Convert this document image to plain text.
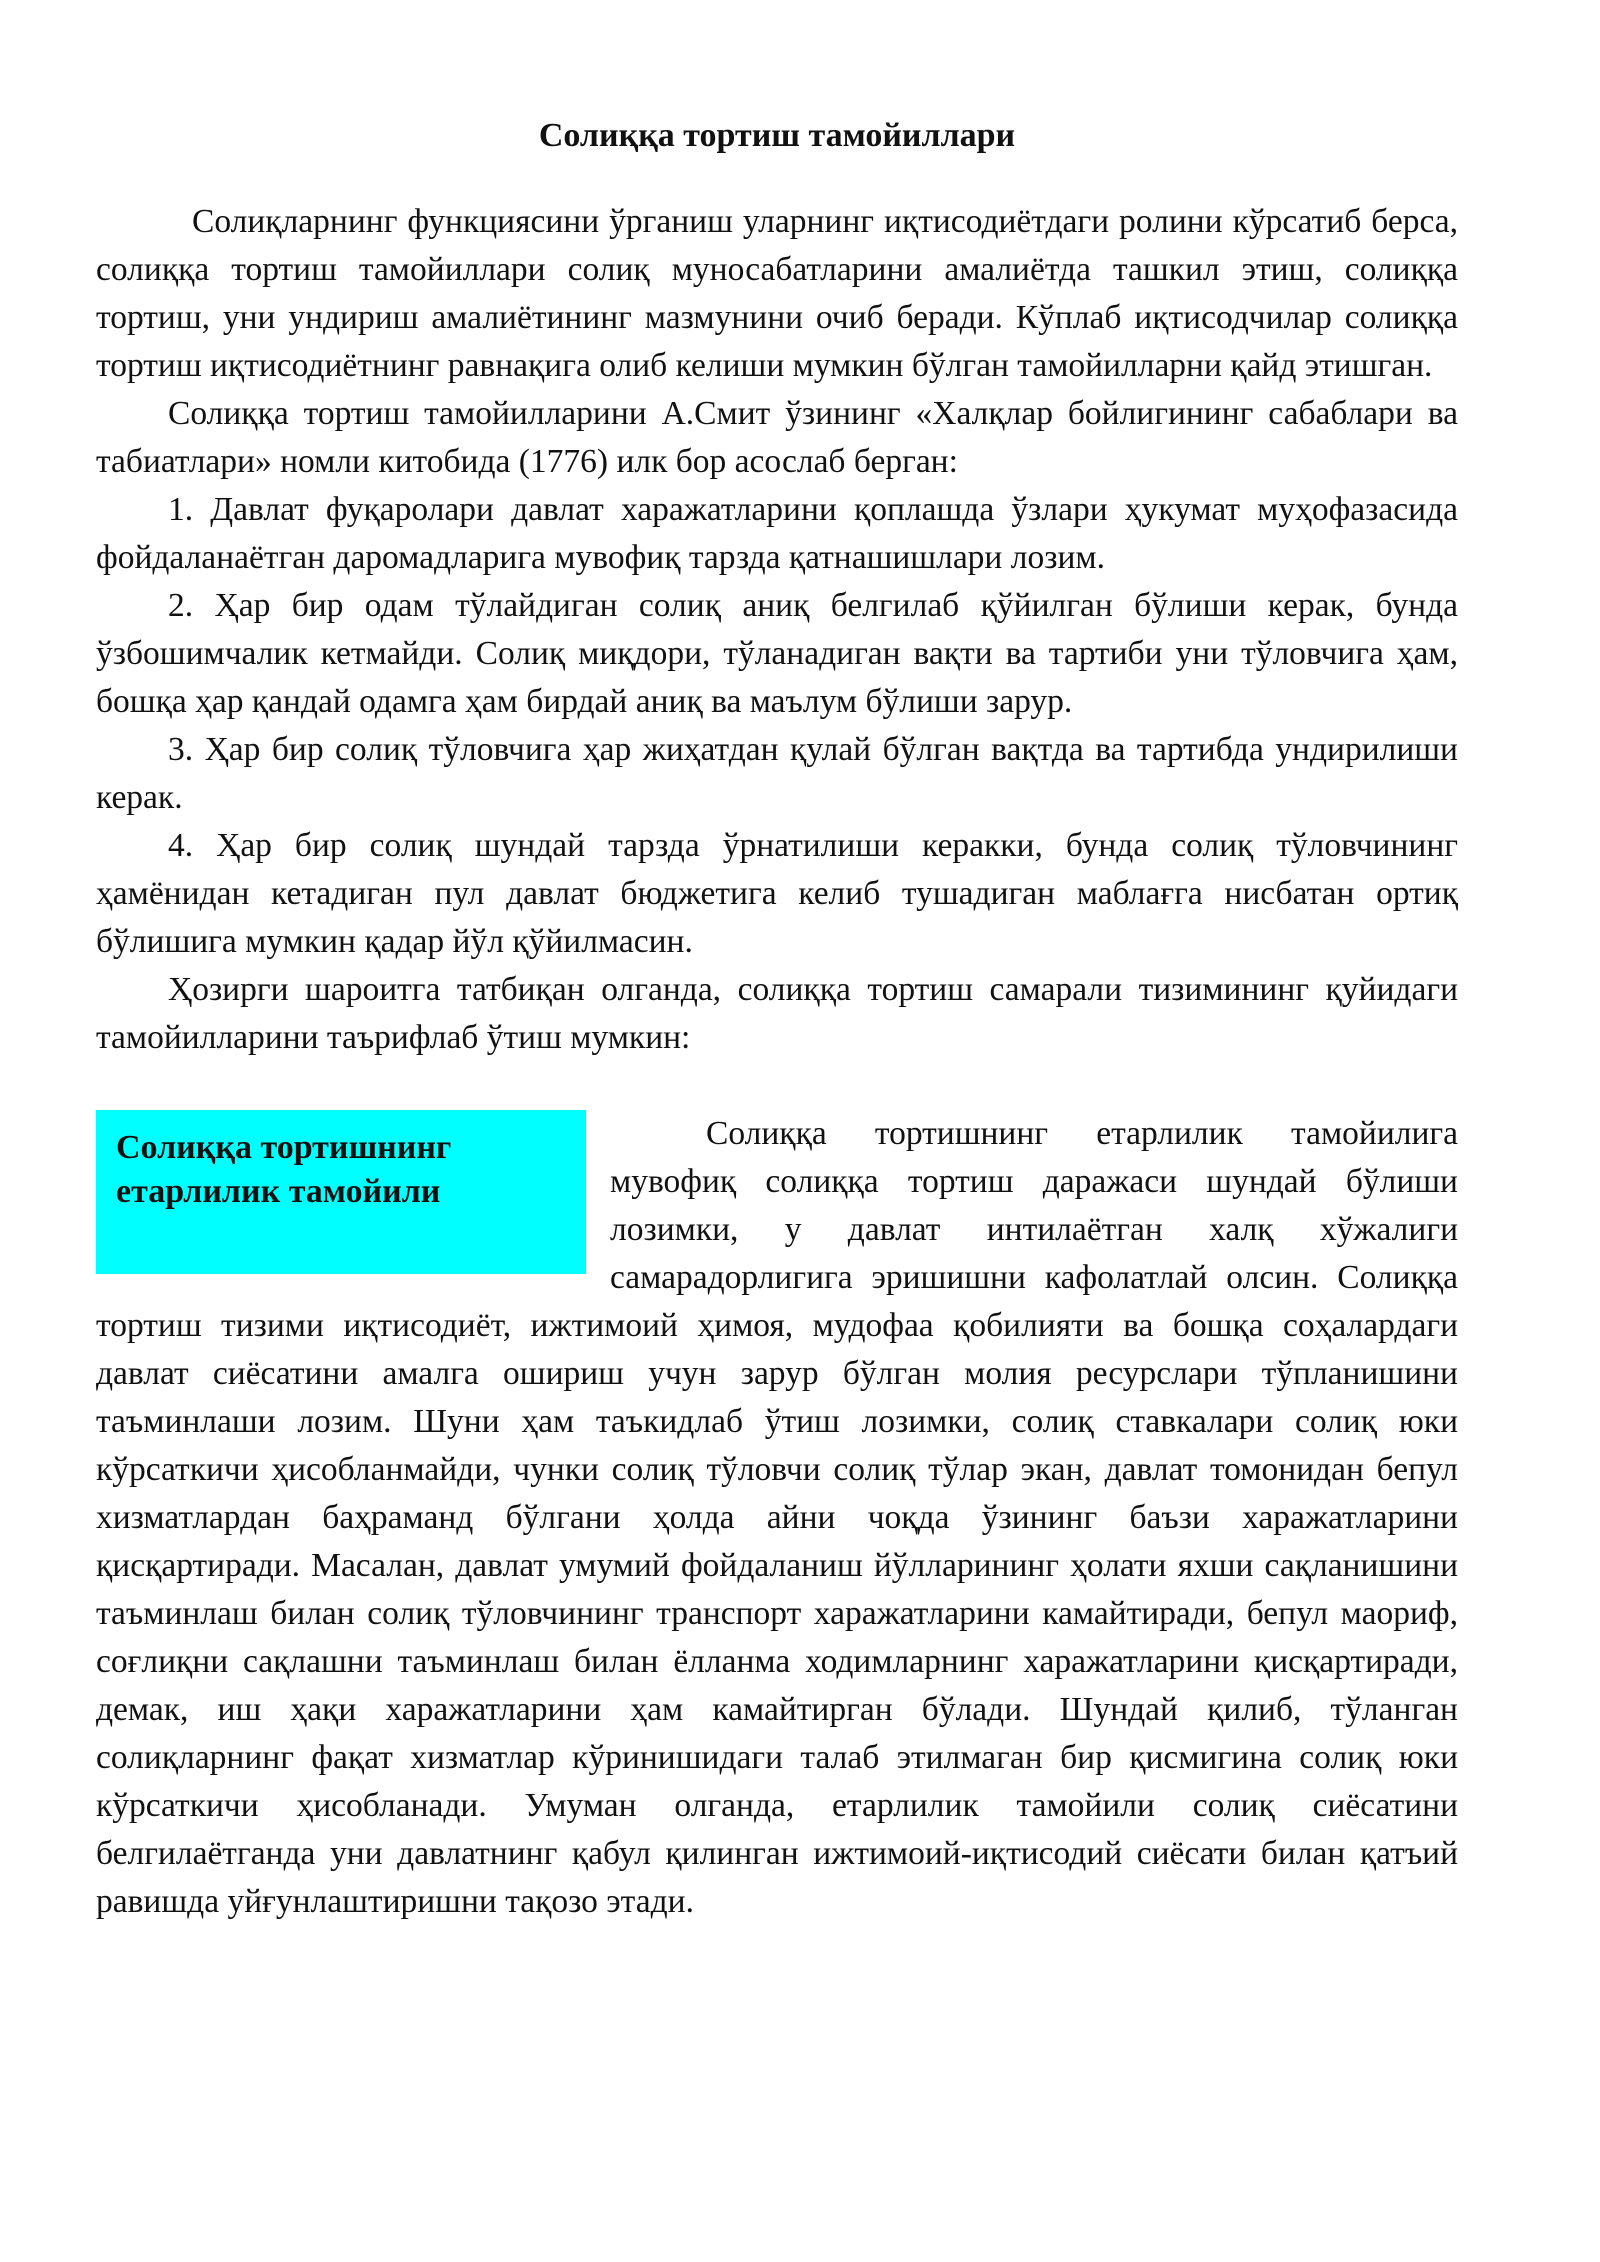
Солиққа тортиш тамойиллари

Солиқларнинг функциясини ўрганиш уларнинг иқтисодиётдаги ролини кўрсатиб берса, солиққа тортиш тамойиллари солиқ муносабатларини амалиётда ташкил этиш, солиққа тортиш, уни ундириш амалиётининг мазмунини очиб беради. Кўплаб иқтисодчилар солиққа тортиш иқтисодиётнинг равнақига олиб келиши мумкин бўлган тамойилларни қайд этишган.

Солиққа тортиш тамойилларини А.Смит ўзининг «Халқлар бойлигининг сабаблари ва табиатлари» номли китобида (1776) илк бор асослаб берган:

1. Давлат фуқаролари давлат харажатларини қоплашда ўзлари ҳукумат муҳофазасида фойдаланаётган даромадларига мувофиқ тарзда қатнашишлари лозим.

2. Ҳар бир одам тўлайдиган солиқ аниқ белгилаб қўйилган бўлиши керак, бунда ўзбошимчалик кетмайди. Солиқ миқдори, тўланадиган вақти ва тартиби уни тўловчига ҳам, бошқа ҳар қандай одамга ҳам бирдай аниқ ва маълум бўлиши зарур.

3. Ҳар бир солиқ тўловчига ҳар жиҳатдан қулай бўлган вақтда ва тартибда ундирилиши керак.

4. Ҳар бир солиқ шундай тарзда ўрнатилиши керакки, бунда солиқ тўловчининг ҳамёнидан кетадиган пул давлат бюджетига келиб тушадиган маблағга нисбатан ортиқ бўлишига мумкин қадар йўл қўйилмасин.

Ҳозирги шароитга татбиқан олганда, солиққа тортиш самарали тизимининг қуйидаги тамойилларини таърифлаб ўтиш мумкин:

Солиққа тортишнинг етарлилик тамойили

Солиққа тортишнинг етарлилик тамойилига мувофиқ солиққа тортиш даражаси шундай бўлиши лозимки, у давлат интилаётган халқ хўжалиги самарадорлигига эришишни кафолатлай олсин. Солиққа тортиш тизими иқтисодиёт, ижтимоий ҳимоя, мудофаа қобилияти ва бошқа соҳалардаги давлат сиёсатини амалга ошириш учун зарур бўлган молия ресурслари тўпланишини таъминлаши лозим. Шуни ҳам таъкидлаб ўтиш лозимки, солиқ ставкалари солиқ юки кўрсаткичи ҳисобланмайди, чунки солиқ тўловчи солиқ тўлар экан, давлат томонидан бепул хизматлардан баҳраманд бўлгани ҳолда айни чоқда ўзининг баъзи харажатларини қисқартиради. Масалан, давлат умумий фойдаланиш йўлларининг ҳолати яхши сақланишини таъминлаш билан солиқ тўловчининг транспорт харажатларини камайтиради, бепул маориф, соғлиқни сақлашни таъминлаш билан ёлланма ходимларнинг харажатларини қисқартиради, демак, иш ҳақи харажатларини ҳам камайтирган бўлади. Шундай қилиб, тўланган солиқларнинг фақат хизматлар кўринишидаги талаб этилмаган бир қисмигина солиқ юки кўрсаткичи ҳисобланади. Умуман олганда, етарлилик тамойили солиқ сиёсатини белгилаётганда уни давлатнинг қабул қилинган ижтимоий-иқтисодий сиёсати билан қатъий равишда уйғунлаштиришни тақозо этади.
